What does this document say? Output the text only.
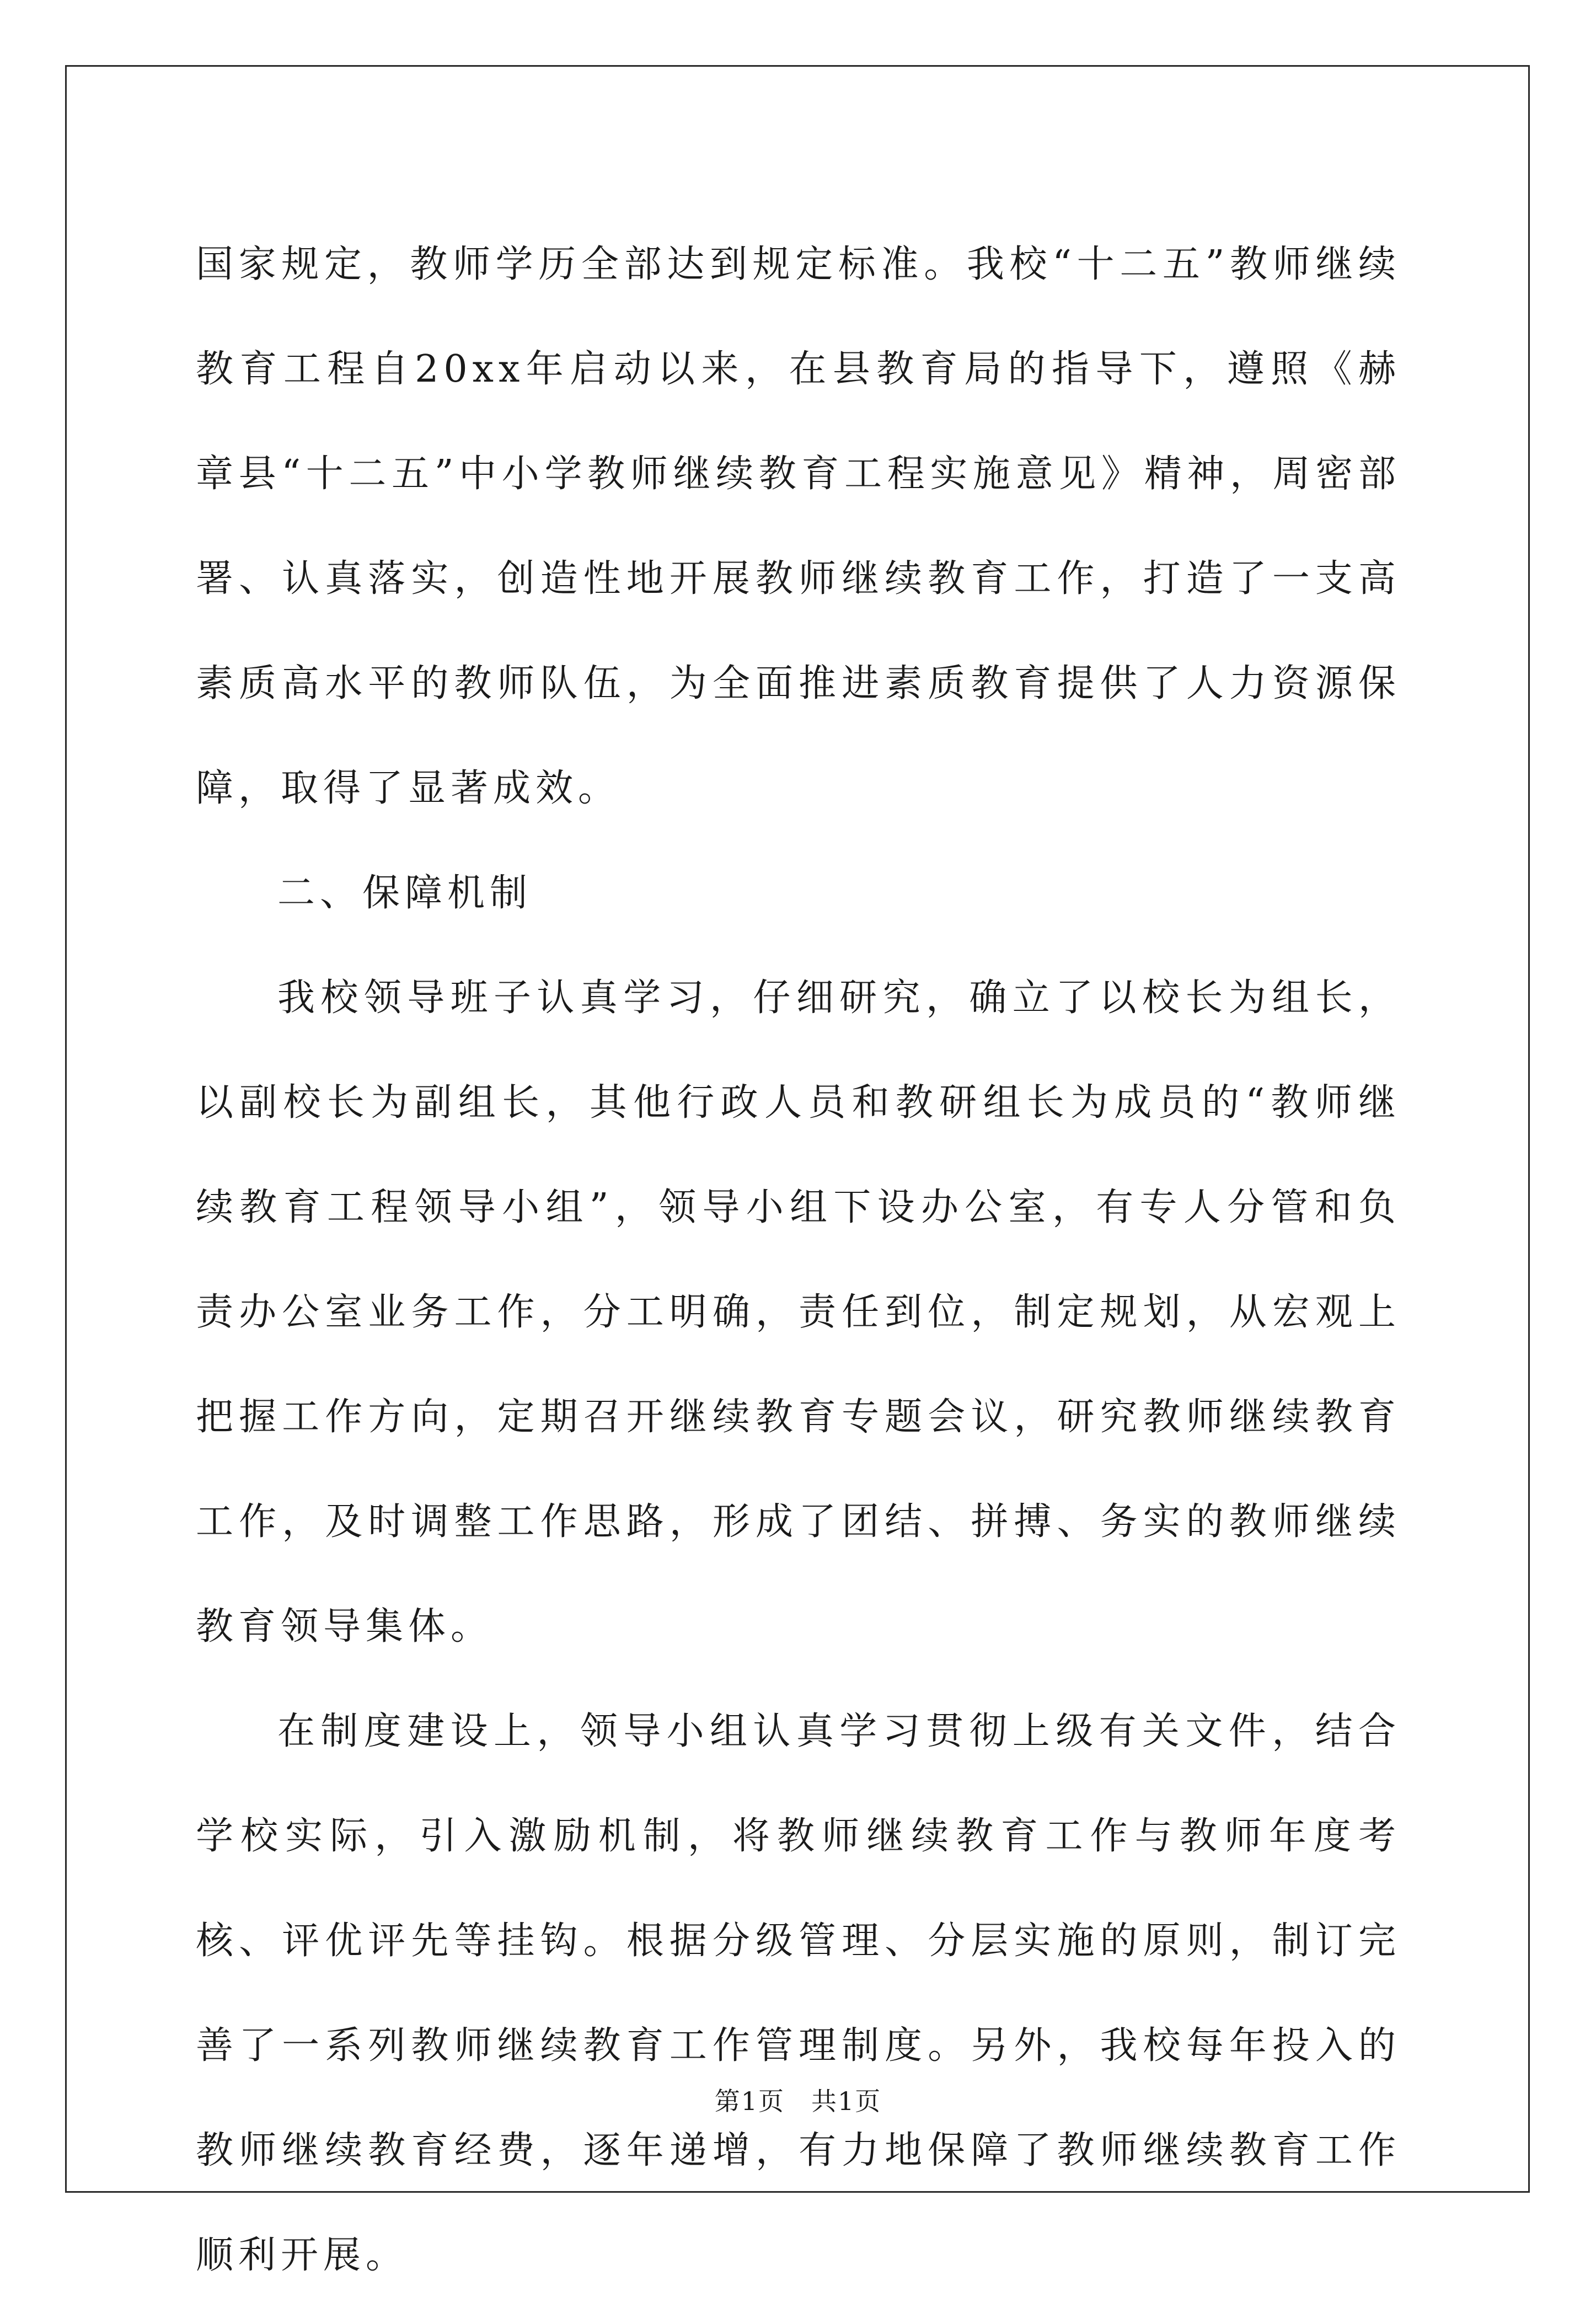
国家规定，教师学历全部达到规定标准。我校“十二五”教师继续教育工程自20xx年启动以来，在县教育局的指导下，遵照《赫章县“十二五”中小学教师继续教育工程实施意见》精神，周密部署、认真落实，创造性地开展教师继续教育工作，打造了一支高素质高水平的教师队伍，为全面推进素质教育提供了人力资源保障，取得了显著成效。

二、保障机制

我校领导班子认真学习，仔细研究，确立了以校长为组长，以副校长为副组长，其他行政人员和教研组长为成员的“教师继续教育工程领导小组”，领导小组下设办公室，有专人分管和负责办公室业务工作，分工明确，责任到位，制定规划，从宏观上把握工作方向，定期召开继续教育专题会议，研究教师继续教育工作，及时调整工作思路，形成了团结、拼搏、务实的教师继续教育领导集体。

在制度建设上，领导小组认真学习贯彻上级有关文件，结合学校实际，引入激励机制，将教师继续教育工作与教师年度考核、评优评先等挂钩。根据分级管理、分层实施的原则，制订完善了一系列教师继续教育工作管理制度。另外，我校每年投入的教师继续教育经费，逐年递增，有力地保障了教师继续教育工作顺利开展。

第1页　共1页
